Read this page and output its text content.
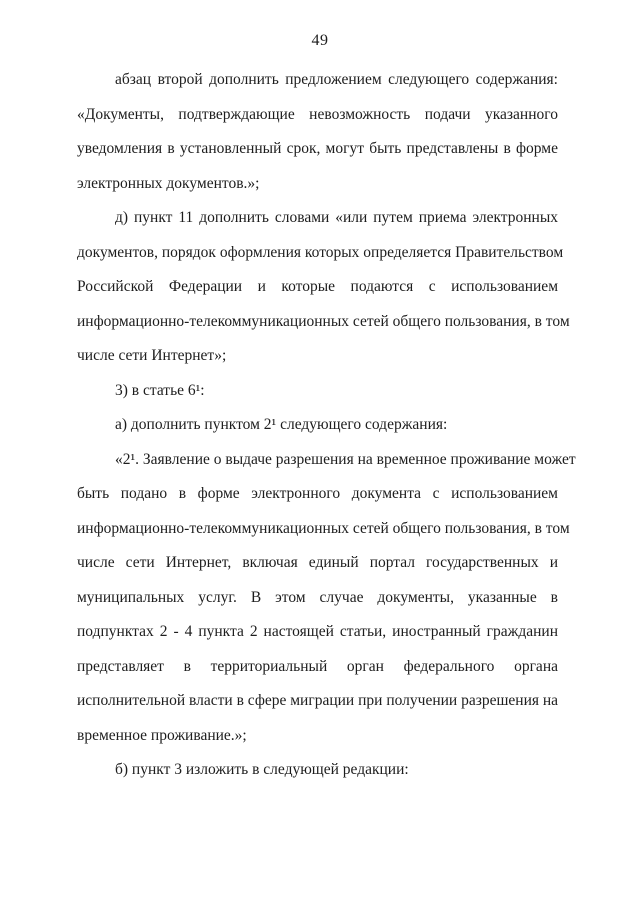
49
абзац второй дополнить предложением следующего содержания:
«Документы, подтверждающие невозможность подачи указанного
уведомления в установленный срок, могут быть представлены в форме
электронных документов.»;
д) пункт 11 дополнить словами «или путем приема электронных
документов, порядок оформления которых определяется Правительством
Российской Федерации и которые подаются с использованием
информационно-телекоммуникационных сетей общего пользования, в том
числе сети Интернет»;
3) в статье 6¹:
а) дополнить пунктом 2¹ следующего содержания:
«2¹. Заявление о выдаче разрешения на временное проживание может
быть подано в форме электронного документа с использованием
информационно-телекоммуникационных сетей общего пользования, в том
числе сети Интернет, включая единый портал государственных и
муниципальных услуг. В этом случае документы, указанные в
подпунктах 2 - 4 пункта 2 настоящей статьи, иностранный гражданин
представляет в территориальный орган федерального органа
исполнительной власти в сфере миграции при получении разрешения на
временное проживание.»;
б) пункт 3 изложить в следующей редакции:
